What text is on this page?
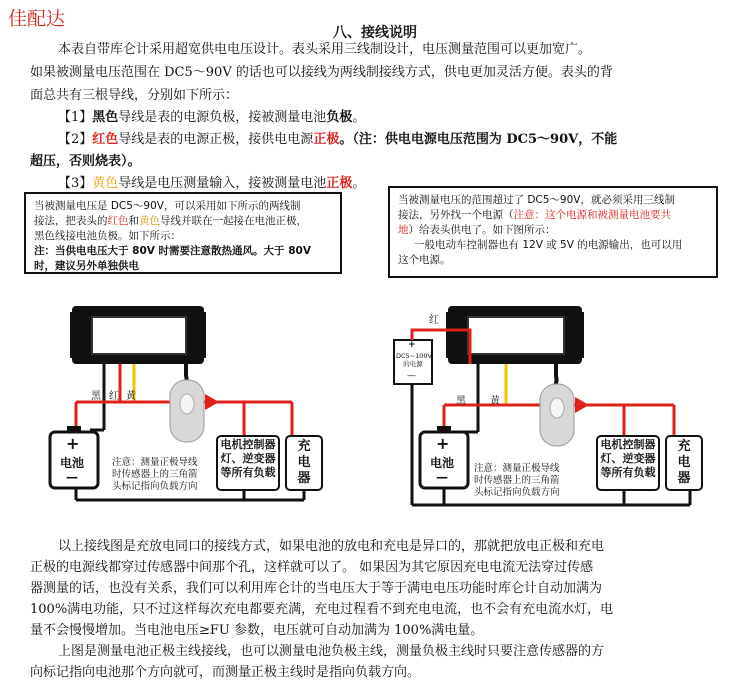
佳配达
八、接线说明
本表自带库仑计采用超宽供电电压设计。表头采用三线制设计，电压测量范围可以更加宽广。
如果被测量电压范围在 DC5～90V 的话也可以接线为两线制接线方式，供电更加灵活方便。表头的背
面总共有三根导线，分别如下所示：
【1】黑色导线是表的电源负极，接被测量电池负极。
【2】红色导线是表的电源正极，接供电电源正极。（注：供电电源电压范围为 DC5～90V，不能
超压，否则烧表）。
【3】黄色导线是电压测量输入，接被测量电池正极。
当被测量电压是 DC5～90V，可以采用如下所示的两线制
接法，把表头的红色和黄色导线并联在一起接在电池正极，
黑色线接电池负极。如下所示：
注：当供电电压大于 80V 时需要注意散热通风。大于 80V
时，建议另外单独供电
当被测量电压的范围超过了 DC5～90V，就必须采用三线制
接法，另外找一个电源（注意：这个电源和被测量电池要共
地）给表头供电了。如下图所示：
一般电动车控制器也有 12V 或 5V 的电源输出，也可以用
这个电源。
黑 红 黄
+
电池
—
注意：测量正极导线
时传感器上的三角箭
头标记指向负载方向
电机控制器
灯、逆变器
等所有负载
充电器
红
黑 黄
+
DC5~100V
的电源
—
+
电池
—
注意：测量正极导线
时传感器上的三角箭
头标记指向负载方向
电机控制器
灯、逆变器
等所有负载
充电器
以上接线图是充放电同口的接线方式，如果电池的放电和充电是异口的，那就把放电正极和充电
正极的电源线都穿过传感器中间那个孔，这样就可以了。 如果因为其它原因充电电流无法穿过传感
器测量的话，也没有关系，我们可以利用库仑计的当电压大于等于满电电压功能时库仑计自动加满为
100%满电功能，只不过这样每次充电都要充满，充电过程看不到充电电流，也不会有充电流水灯，电
量不会慢慢增加。当电池电压≥FU 参数，电压就可自动加满为 100%满电量。
上图是测量电池正极主线接线，也可以测量电池负极主线，测量负极主线时只要注意传感器的方
向标记指向电池那个方向就可，而测量正极主线时是指向负载方向。
